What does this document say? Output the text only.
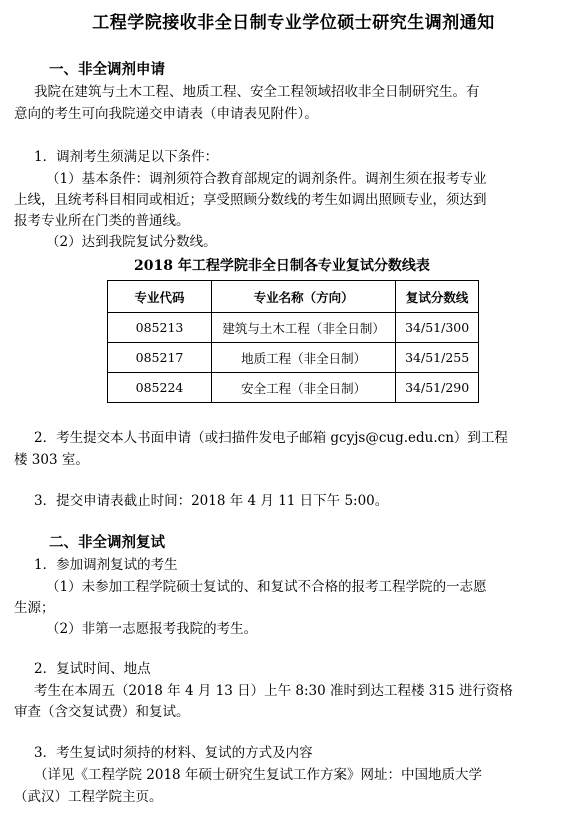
工程学院接收非全日制专业学位硕士研究生调剂通知
一、非全调剂申请
我院在建筑与土木工程、地质工程、安全工程领域招收非全日制研究生。有
意向的考生可向我院递交申请表（申请表见附件）。
1．调剂考生须满足以下条件：
（1）基本条件：调剂须符合教育部规定的调剂条件。调剂生须在报考专业
上线，且统考科目相同或相近；享受照顾分数线的考生如调出照顾专业，须达到
报考专业所在门类的普通线。
（2）达到我院复试分数线。
2018 年工程学院非全日制各专业复试分数线表
专业代码	专业名称（方向）	复试分数线
085213	建筑与土木工程（非全日制）	34/51/300
085217	地质工程（非全日制）	34/51/255
085224	安全工程（非全日制）	34/51/290
2．考生提交本人书面申请（或扫描件发电子邮箱 gcyjs@cug.edu.cn）到工程
楼 303 室。
3．提交申请表截止时间：2018 年 4 月 11 日下午 5:00。
二、非全调剂复试
1．参加调剂复试的考生
（1）未参加工程学院硕士复试的、和复试不合格的报考工程学院的一志愿
生源；
（2）非第一志愿报考我院的考生。
2．复试时间、地点
考生在本周五（2018 年 4 月 13 日）上午 8:30 准时到达工程楼 315 进行资格
审查（含交复试费）和复试。
3．考生复试时须持的材料、复试的方式及内容
（详见《工程学院 2018 年硕士研究生复试工作方案》网址：中国地质大学
（武汉）工程学院主页。
